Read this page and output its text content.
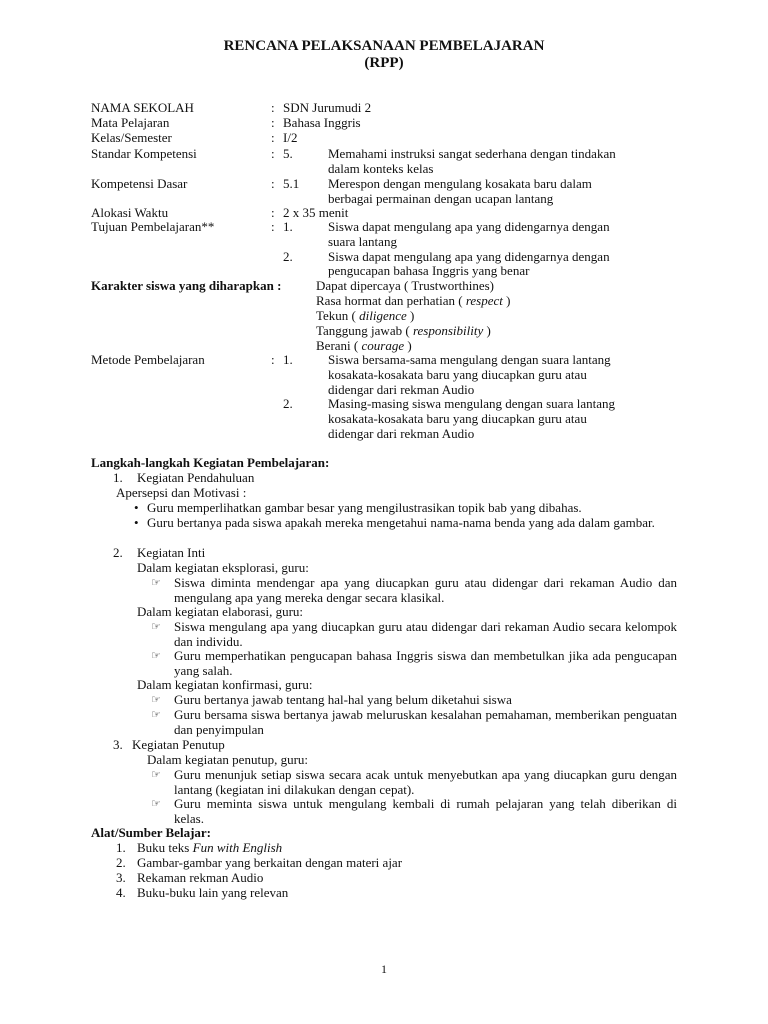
RENCANA PELAKSANAAN PEMBELAJARAN
(RPP)
NAMA SEKOLAH	: SDN Jurumudi 2
Mata Pelajaran	: Bahasa Inggris
Kelas/Semester	: I/2
Standar Kompetensi	: 5.	Memahami instruksi sangat sederhana dengan tindakan
dalam konteks kelas
Kompetensi Dasar	: 5.1 Merespon dengan mengulang kosakata baru dalam
berbagai permainan dengan ucapan lantang
Alokasi Waktu	: 2 x 35 menit
Tujuan Pembelajaran**	: 1.	Siswa dapat mengulang apa yang didengarnya dengan
suara lantang
2.	Siswa dapat mengulang apa yang didengarnya dengan
pengucapan bahasa Inggris yang benar
Karakter siswa yang diharapkan :	Dapat dipercaya ( Trustworthines)
Rasa hormat dan perhatian ( respect )
Tekun ( diligence )
Tanggung jawab ( responsibility )
Berani ( courage )
Metode Pembelajaran	: 1.	Siswa bersama-sama mengulang dengan suara lantang
kosakata-kosakata baru yang diucapkan guru atau
didengar dari rekman Audio
2.	Masing-masing siswa mengulang dengan suara lantang
kosakata-kosakata baru yang diucapkan guru atau
didengar dari rekman Audio
Langkah-langkah Kegiatan Pembelajaran:
1. Kegiatan Pendahuluan
Apersepsi dan Motivasi :
• Guru memperlihatkan gambar besar yang mengilustrasikan topik bab yang dibahas.
• Guru bertanya pada siswa apakah mereka mengetahui nama-nama benda yang ada dalam gambar.
2. Kegiatan Inti
Dalam kegiatan eksplorasi, guru:
☞ Siswa diminta mendengar apa yang diucapkan guru atau didengar dari rekaman Audio dan mengulang apa yang mereka dengar secara klasikal.
Dalam kegiatan elaborasi, guru:
☞ Siswa mengulang apa yang diucapkan guru atau didengar dari rekaman Audio secara kelompok dan individu.
☞ Guru memperhatikan pengucapan bahasa Inggris siswa dan membetulkan jika ada pengucapan yang salah.
Dalam kegiatan konfirmasi, guru:
☞ Guru bertanya jawab tentang hal-hal yang belum diketahui siswa
☞ Guru bersama siswa bertanya jawab meluruskan kesalahan pemahaman, memberikan penguatan dan penyimpulan
3. Kegiatan Penutup
Dalam kegiatan penutup, guru:
☞ Guru menunjuk setiap siswa secara acak untuk menyebutkan apa yang diucapkan guru dengan lantang (kegiatan ini dilakukan dengan cepat).
☞ Guru meminta siswa untuk mengulang kembali di rumah pelajaran yang telah diberikan di kelas.
Alat/Sumber Belajar:
1. Buku teks Fun with English
2. Gambar-gambar yang berkaitan dengan materi ajar
3. Rekaman rekman Audio
4. Buku-buku lain yang relevan
1
